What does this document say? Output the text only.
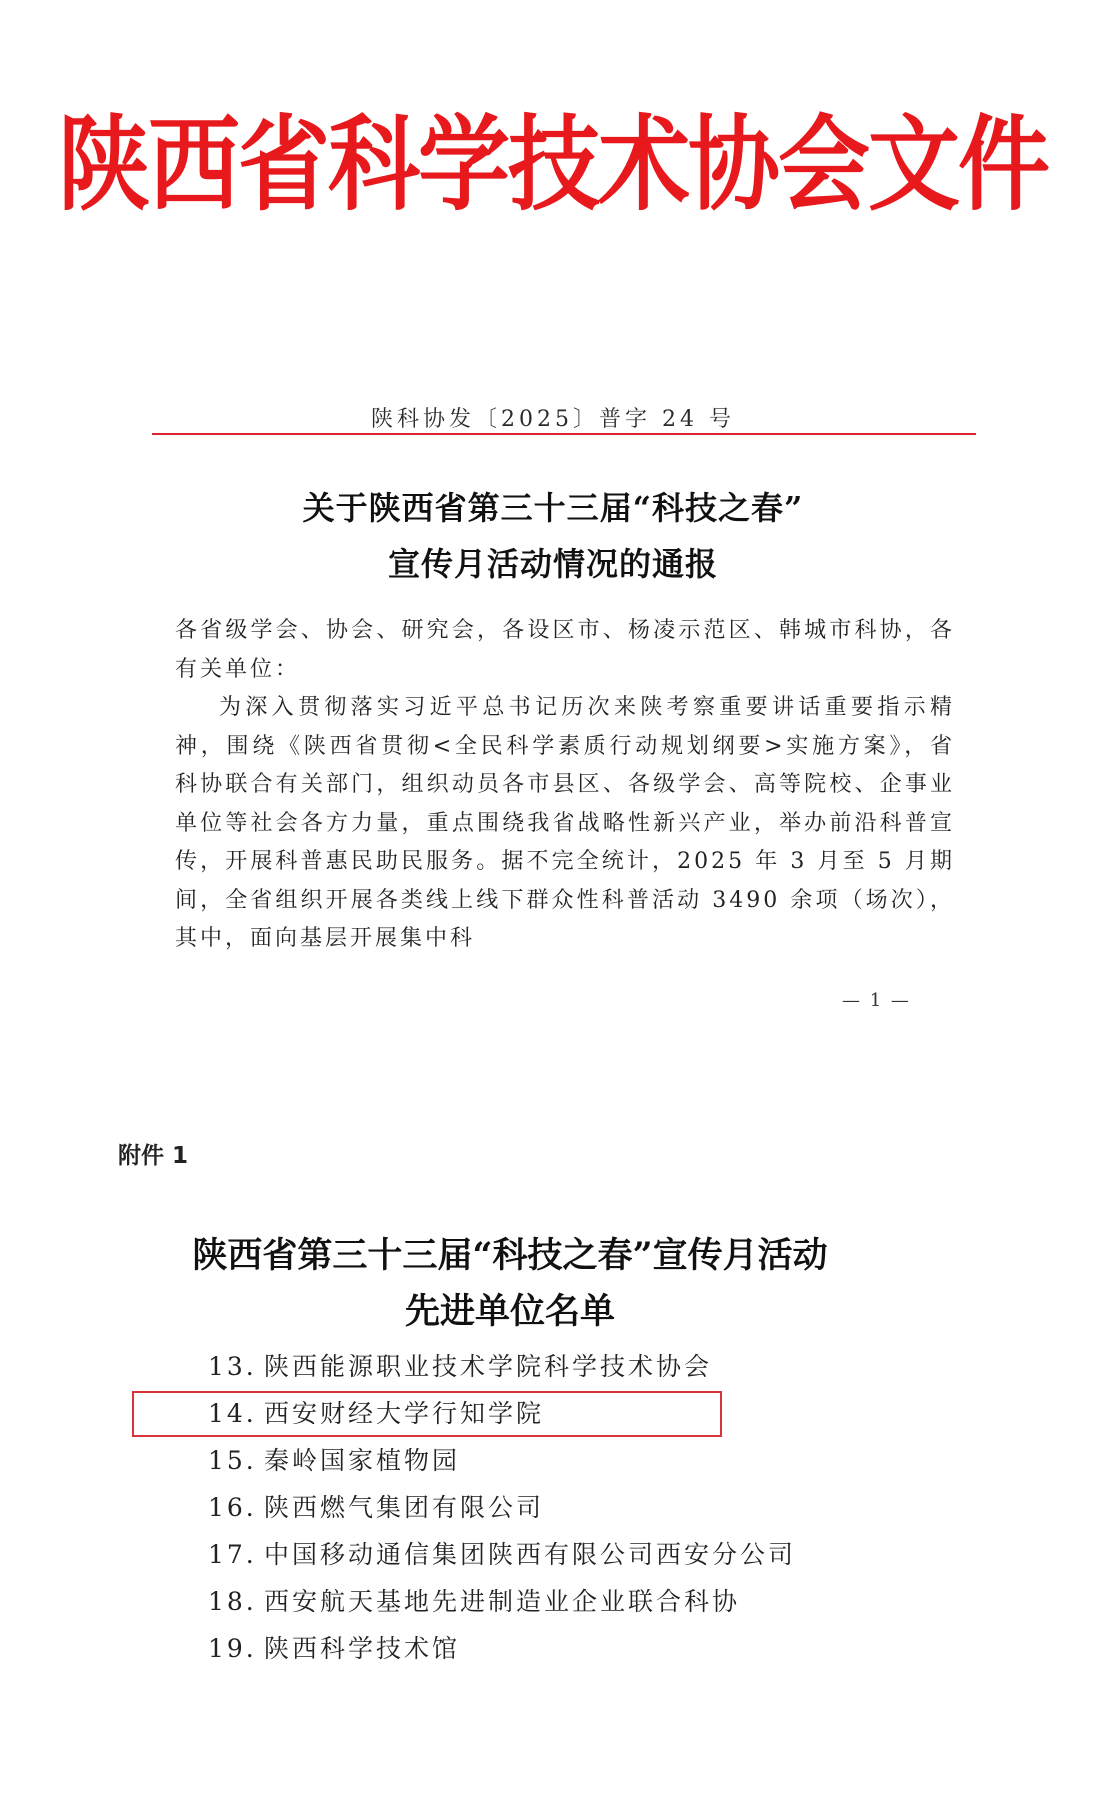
陕西省科学技术协会文件
陕科协发〔2025〕普字 24 号
关于陕西省第三十三届“科技之春”
宣传月活动情况的通报

各省级学会、协会、研究会，各设区市、杨凌示范区、韩城市科协，各有关单位：

为深入贯彻落实习近平总书记历次来陕考察重要讲话重要指示精神，围绕《陕西省贯彻<全民科学素质行动规划纲要>实施方案》，省科协联合有关部门，组织动员各市县区、各级学会、高等院校、企事业单位等社会各方力量，重点围绕我省战略性新兴产业，举办前沿科普宣传，开展科普惠民助民服务。据不完全统计，2025 年 3 月至 5 月期间，全省组织开展各类线上线下群众性科普活动 3490 余项（场次），其中，面向基层开展集中科

— 1 —
附件 1
陕西省第三十三届“科技之春”宣传月活动
先进单位名单
13. 陕西能源职业技术学院科学技术协会
14. 西安财经大学行知学院
15. 秦岭国家植物园
16. 陕西燃气集团有限公司
17. 中国移动通信集团陕西有限公司西安分公司
18. 西安航天基地先进制造业企业联合科协
19. 陕西科学技术馆
